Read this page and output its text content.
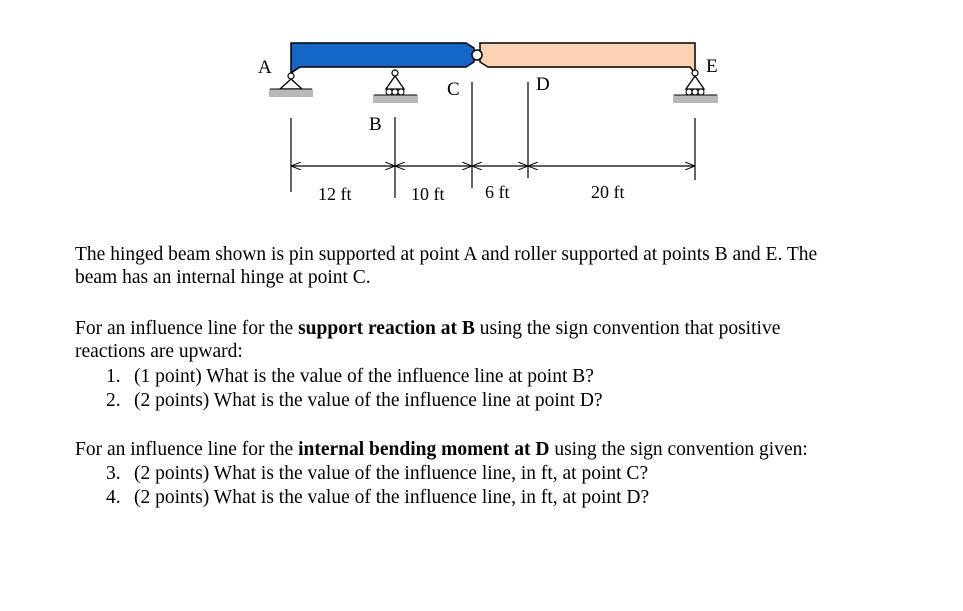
A
B
C	D
E
12 ft	10 ft 6 ft	20 ft
The hinged beam shown is pin supported at point A and roller supported at points B and E. The
beam has an internal hinge at point C.
For an influence line for the support reaction at B using the sign convention that positive
reactions are upward:
1. (1 point) What is the value of the influence line at point B?
2. (2 points) What is the value of the influence line at point D?
For an influence line for the internal bending moment at D using the sign convention given:
3. (2 points) What is the value of the influence line, in ft, at point C?
4. (2 points) What is the value of the influence line, in ft, at point D?
